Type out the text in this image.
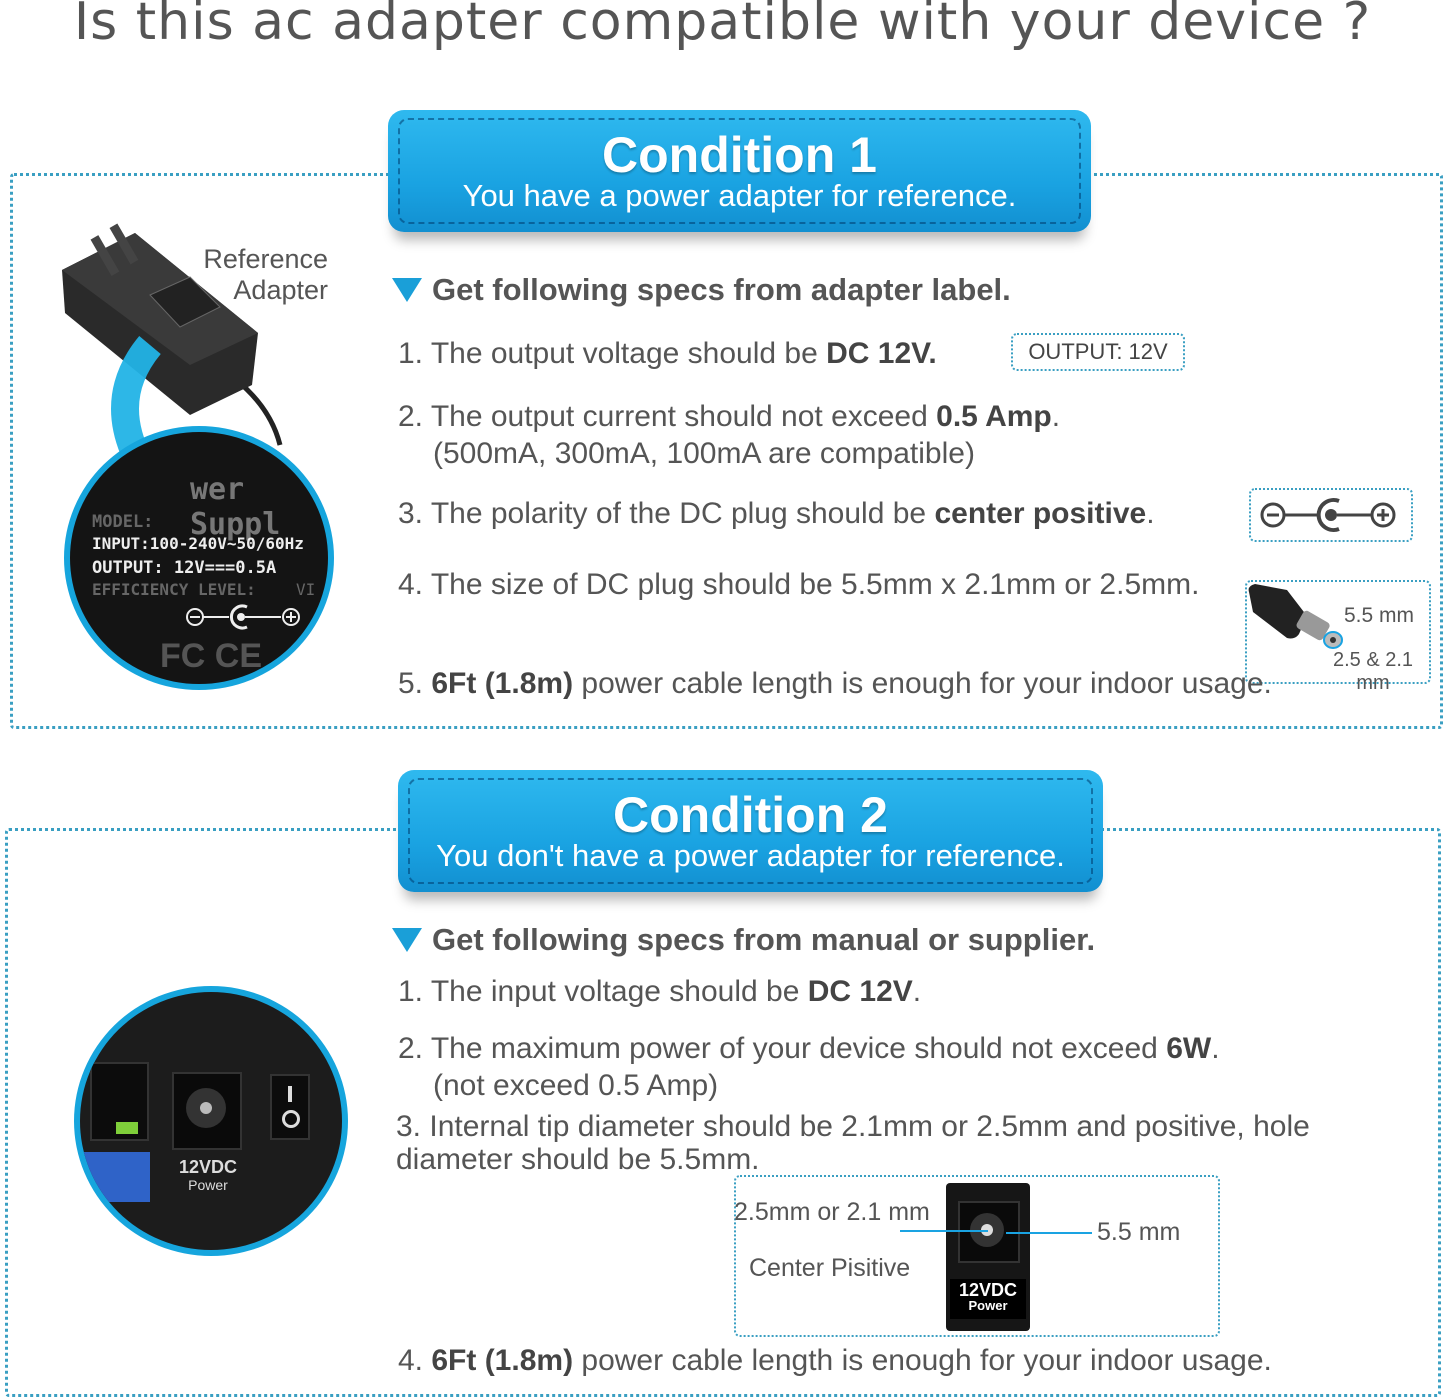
Is this ac adapter compatible with your device ?
Condition 1
You have a power adapter for reference.
Reference
Adapter
wer Suppl
MODEL:
INPUT:100-240V~50/60Hz
OUTPUT: 12V===0.5A
EFFICIENCY LEVEL:	VI
FC CE
Get following specs from adapter label.
1. The output voltage should be DC 12V.	OUTPUT: 12V
2. The output current should not exceed 0.5 Amp.
(500mA, 300mA, 100mA are compatible)
3. The polarity of the DC plug should be center positive.
4. The size of DC plug should be 5.5mm x 2.1mm or 2.5mm.
5.5 mm
2.5 & 2.1 mm
5. 6Ft (1.8m) power cable length is enough for your indoor usage.
Condition 2
You don't have a power adapter for reference.
12VDC
Power
Get following specs from manual or supplier.
1. The input voltage should be DC 12V.
2. The maximum power of your device should not exceed 6W.
(not exceed 0.5 Amp)
3. Internal tip diameter should be 2.1mm or 2.5mm and positive, hole
diameter should be 5.5mm.
2.5mm or 2.1 mm
Center Pisitive
5.5 mm
12VDC
Power
4. 6Ft (1.8m) power cable length is enough for your indoor usage.
